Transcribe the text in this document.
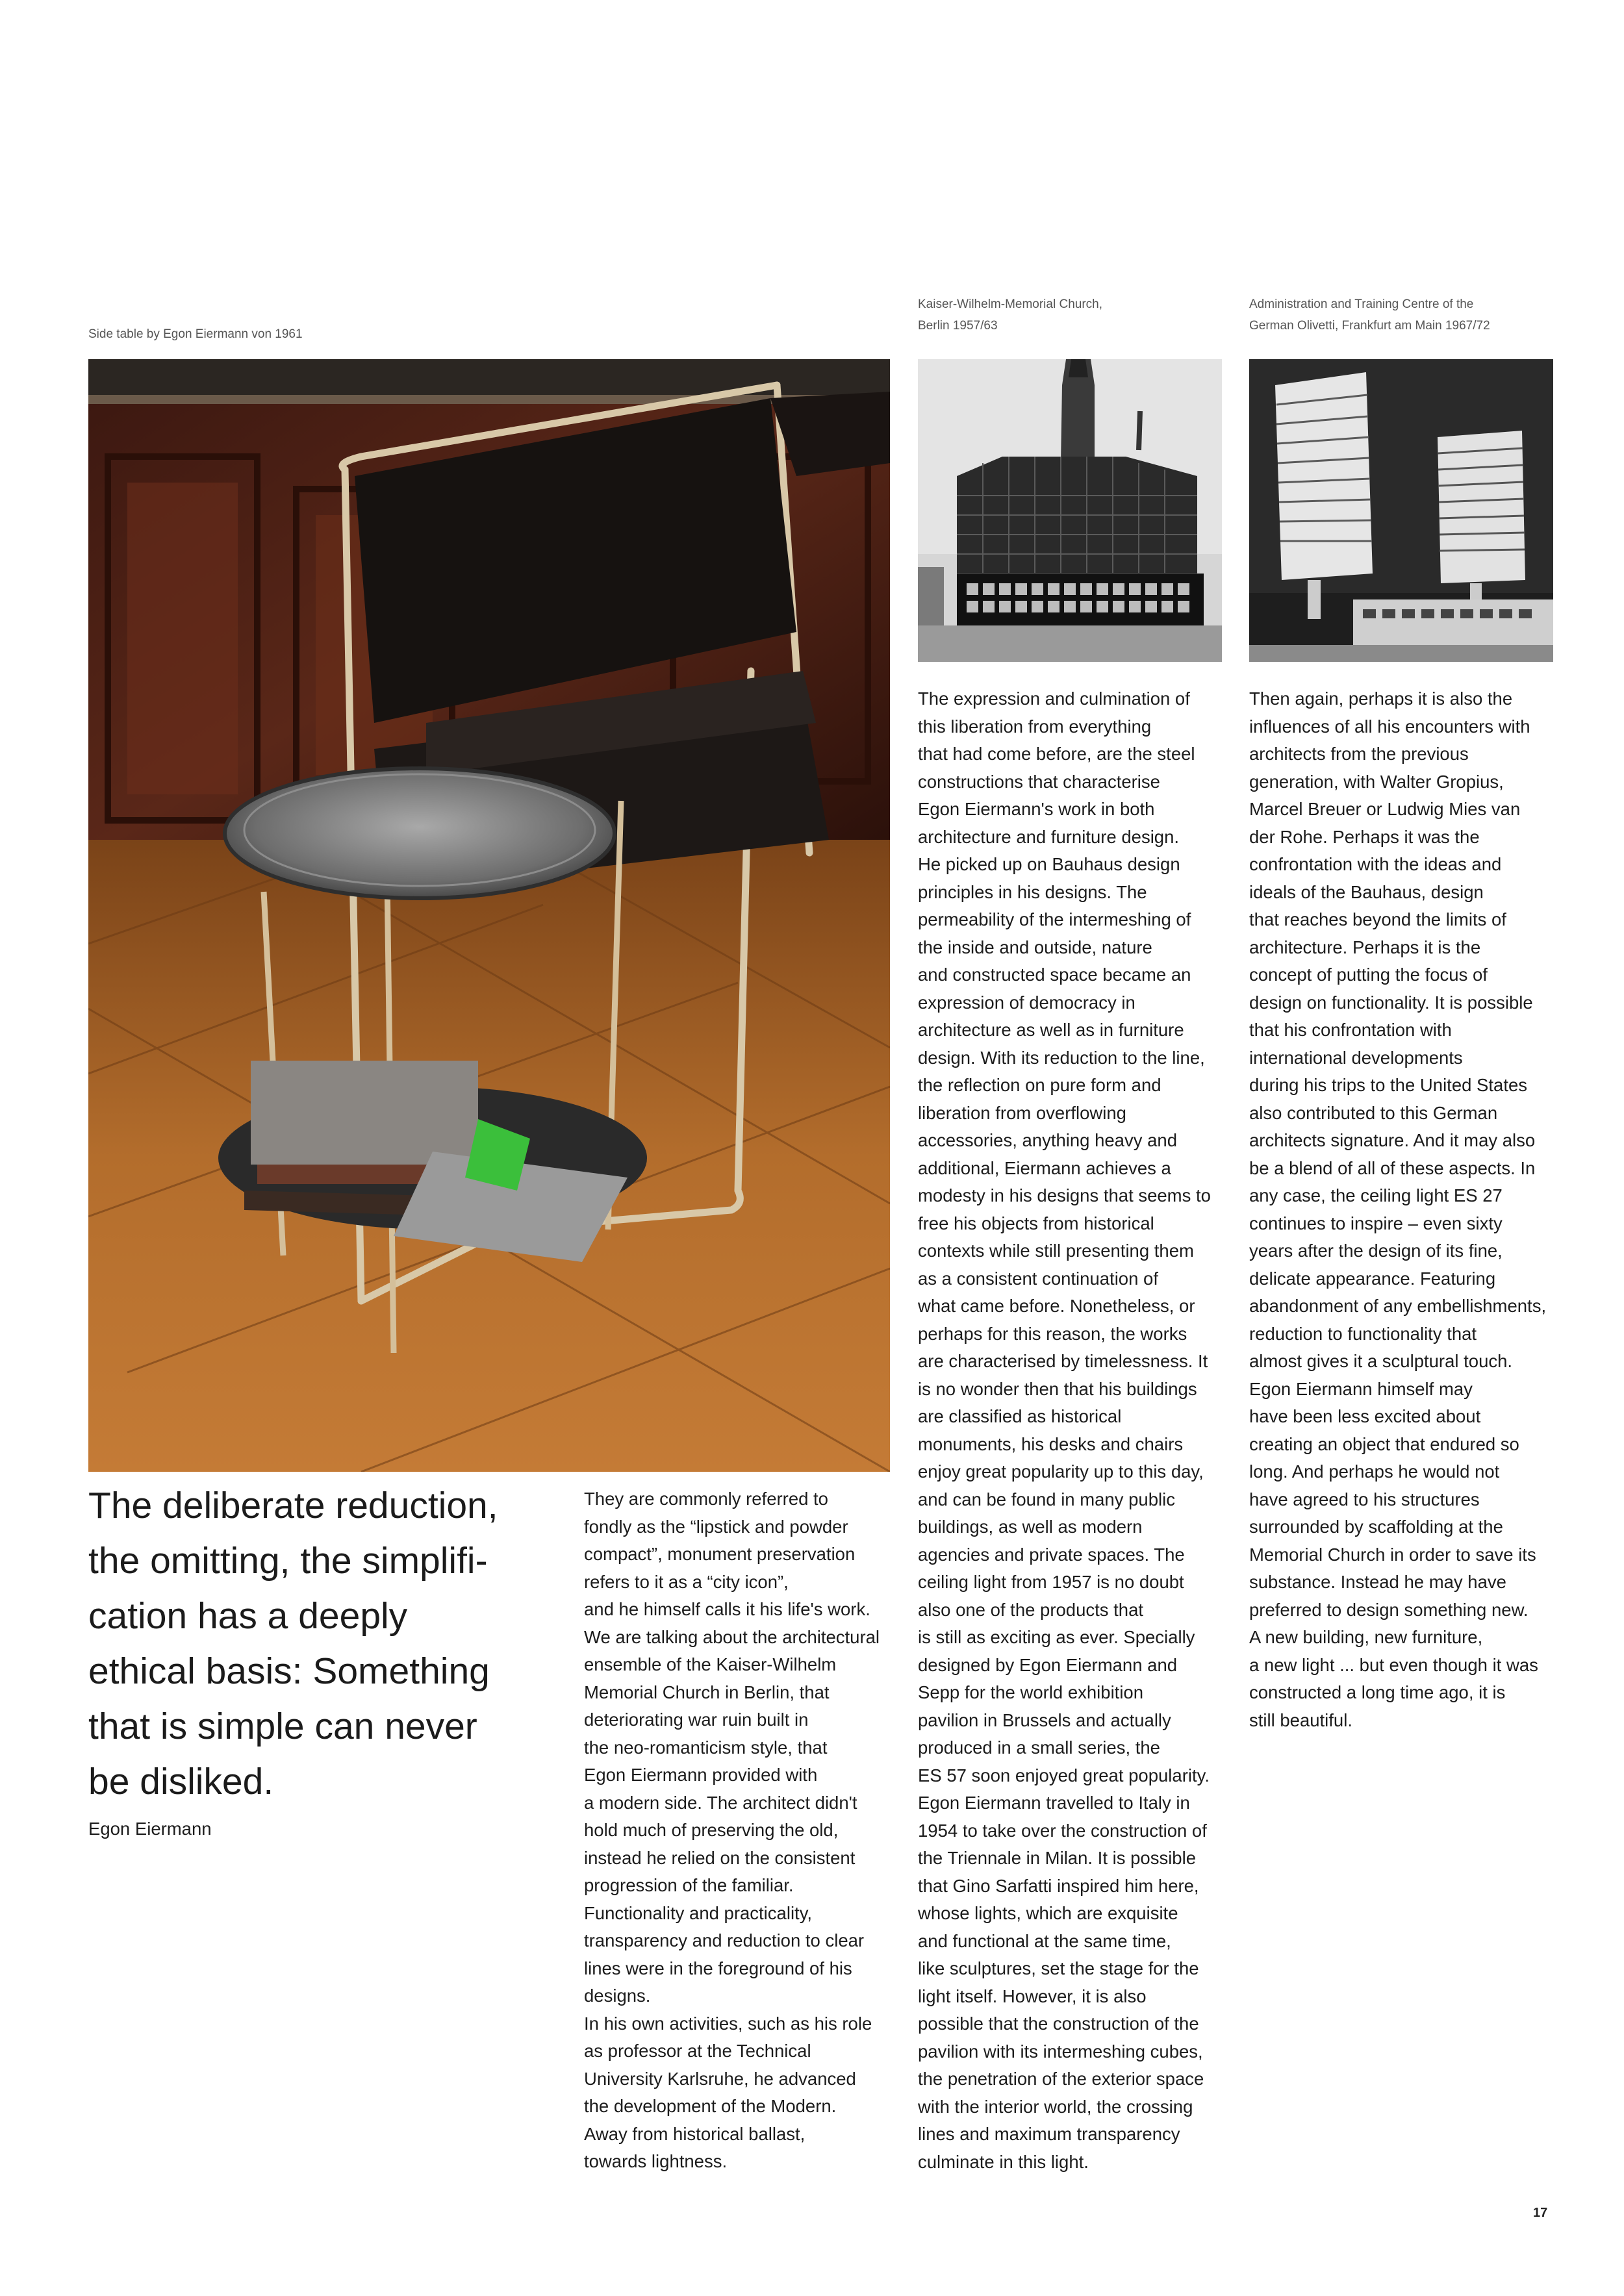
Side table by Egon Eiermann von 1961

Kaiser-Wilhelm-Memorial Church,
Berlin 1957/63

Administration and Training Centre of the
German Olivetti, Frankfurt am Main 1967/72

The deliberate reduction,
the omitting, the simplifi-
cation has a deeply
ethical basis: Something
that is simple can never
be disliked.

Egon Eiermann

They are commonly referred to
fondly as the “lipstick and powder
compact”, monument preservation
refers to it as a “city icon”,
and he himself calls it his life's work.
We are talking about the architectural
ensemble of the Kaiser-Wilhelm
Memorial Church in Berlin, that
deteriorating war ruin built in
the neo-romanticism style, that
Egon Eiermann provided with
a modern side. The architect didn't
hold much of preserving the old,
instead he relied on the consistent
progression of the familiar.
Functionality and practicality,
transparency and reduction to clear
lines were in the foreground of his
designs.
In his own activities, such as his role
as professor at the Technical
University Karlsruhe, he advanced
the development of the Modern.
Away from historical ballast,
towards lightness.

The expression and culmination of
this liberation from everything
that had come before, are the steel
constructions that characterise
Egon Eiermann's work in both
architecture and furniture design.
He picked up on Bauhaus design
principles in his designs. The
permeability of the intermeshing of
the inside and outside, nature
and constructed space became an
expression of democracy in
architecture as well as in furniture
design. With its reduction to the line,
the reflection on pure form and
liberation from overflowing
accessories, anything heavy and
additional, Eiermann achieves a
modesty in his designs that seems to
free his objects from historical
contexts while still presenting them
as a consistent continuation of
what came before. Nonetheless, or
perhaps for this reason, the works
are characterised by timelessness. It
is no wonder then that his buildings
are classified as historical
monuments, his desks and chairs
enjoy great popularity up to this day,
and can be found in many public
buildings, as well as modern
agencies and private spaces. The
ceiling light from 1957 is no doubt
also one of the products that
is still as exciting as ever. Specially
designed by Egon Eiermann and
Sepp for the world exhibition
pavilion in Brussels and actually
produced in a small series, the
ES 57 soon enjoyed great popularity.
Egon Eiermann travelled to Italy in
1954 to take over the construction of
the Triennale in Milan. It is possible
that Gino Sarfatti inspired him here,
whose lights, which are exquisite
and functional at the same time,
like sculptures, set the stage for the
light itself. However, it is also
possible that the construction of the
pavilion with its intermeshing cubes,
the penetration of the exterior space
with the interior world, the crossing
lines and maximum transparency
culminate in this light.

Then again, perhaps it is also the
influences of all his encounters with
architects from the previous
generation, with Walter Gropius,
Marcel Breuer or Ludwig Mies van
der Rohe. Perhaps it was the
confrontation with the ideas and
ideals of the Bauhaus, design
that reaches beyond the limits of
architecture. Perhaps it is the
concept of putting the focus of
design on functionality. It is possible
that his confrontation with
international developments
during his trips to the United States
also contributed to this German
architects signature. And it may also
be a blend of all of these aspects. In
any case, the ceiling light ES 27
continues to inspire – even sixty
years after the design of its fine,
delicate appearance. Featuring
abandonment of any embellishments,
reduction to functionality that
almost gives it a sculptural touch.
Egon Eiermann himself may
have been less excited about
creating an object that endured so
long. And perhaps he would not
have agreed to his structures
surrounded by scaffolding at the
Memorial Church in order to save its
substance. Instead he may have
preferred to design something new.
A new building, new furniture,
a new light ... but even though it was
constructed a long time ago, it is
still beautiful.

17
